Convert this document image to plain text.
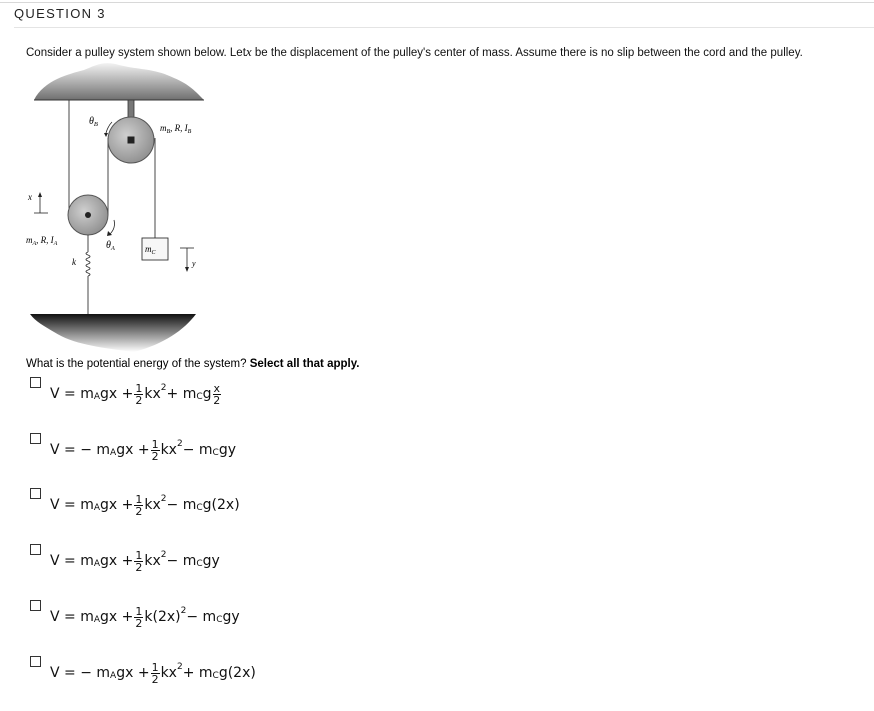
QUESTION 3
Consider a pulley system shown below. Letx be the displacement of the pulley's center of mass. Assume there is no slip between the cord and the pulley.
$m_C$
$\theta_B$	$m_B$, R, $I_B$
x
$m_A$, R, $I_A$	$\theta_A$
k	y
What is the potential energy of the system? Select all that apply.
V = m A gx + $\frac{1}{2}$ kx 2 + m C g $\frac{x}{2}$
V = − m A gx + $\frac{1}{2}$ kx 2 − m C gy
V = m A gx + $\frac{1}{2}$ kx 2 − m C g(2x)
V = m A gx + $\frac{1}{2}$ kx 2 − m C gy
V = m A gx + $\frac{1}{2} k(2x) 2 - m$ C gy
V = − m A gx + $\frac{1}{2}$ kx 2 + m C g(2x)
